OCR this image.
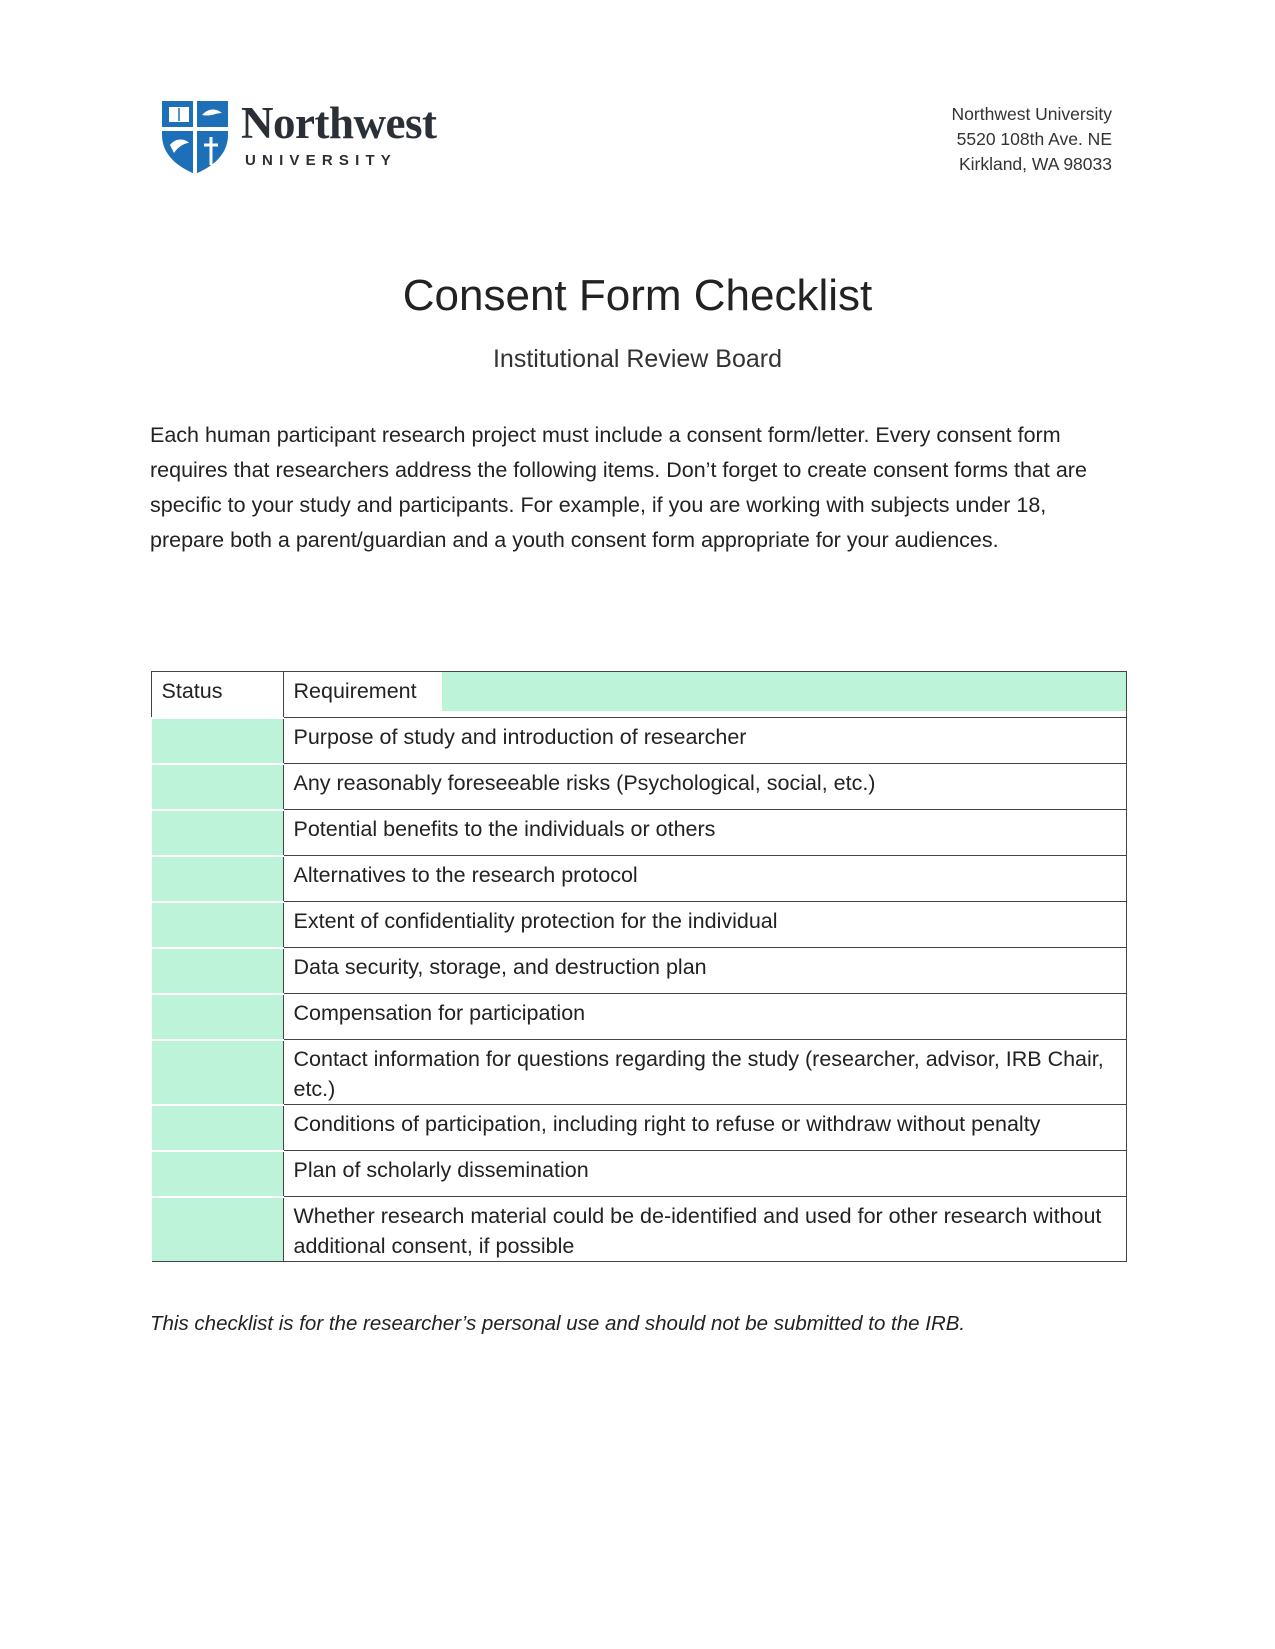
Northwest
UNIVERSITY
Northwest University
5520 108th Ave. NE
Kirkland, WA 98033
Consent Form Checklist
Institutional Review Board
Each human participant research project must include a consent form/letter. Every consent form requires that researchers address the following items. Don’t forget to create consent forms that are specific to your study and participants. For example, if you are working with subjects under 18, prepare both a parent/guardian and a youth consent form appropriate for your audiences.
Status	Requirement

	Purpose of study and introduction of researcher
	Any reasonably foreseeable risks (Psychological, social, etc.)
	Potential benefits to the individuals or others
	Alternatives to the research protocol
	Extent of confidentiality protection for the individual
	Data security, storage, and destruction plan
	Compensation for participation
	Contact information for questions regarding the study (researcher, advisor, IRB Chair, etc.)
	Conditions of participation, including right to refuse or withdraw without penalty
	Plan of scholarly dissemination
	Whether research material could be de-identified and used for other research without additional consent, if possible
This checklist is for the researcher’s personal use and should not be submitted to the IRB.
